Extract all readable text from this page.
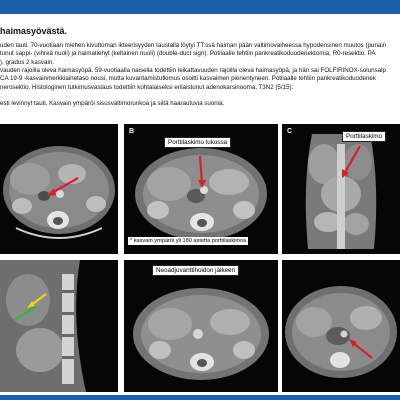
haimasyövästä.
uden tauti. 70-vuotiaan miehen kivuttoman ikteerisyyden taustalla löytyi TT:ssä haiman pään valtimovaiheessa hypodensinen muutos (punain
tunut sappi- (vihreä nuoli) ja haimatiehyt (keltainen nuoli) (double-duct sign). Potilaalle tehtiin pankreatikoduodenektomia, R0-resektio. PA
), gradus 2 kasvain.
vauden rajoilla oleva haimasyöpä. 59-vuotiaalla naisella todettiin leikattavuuden rajoilla oleva haimasyöpä, ja hän sai FOLFIRINOX-solunsalp
CA 19-9 -kasvainmerkkiainetaso nousi, mutta kuvantamistutkimus osoitti kasvaimen pienentyneen. Potilaalle tehtiin pankreatikoduodenek
nerosektio. Histologinen tutkimusvastaus todettiin kohtalaiseksi erilaistunut adenokarsinooma, T3N2 (5/15).
esti levinnyt tauti. Kasvain ympäröi sisusvaltimorunkoa ja siitä haarautuvia suonia.
B
Porttilaskimo lukossa
* kasvain ympäröi yli 180 astetta porttilaskimoa
C
Porttilaskimo
Neoadjuvanttihoidon jälkeen
